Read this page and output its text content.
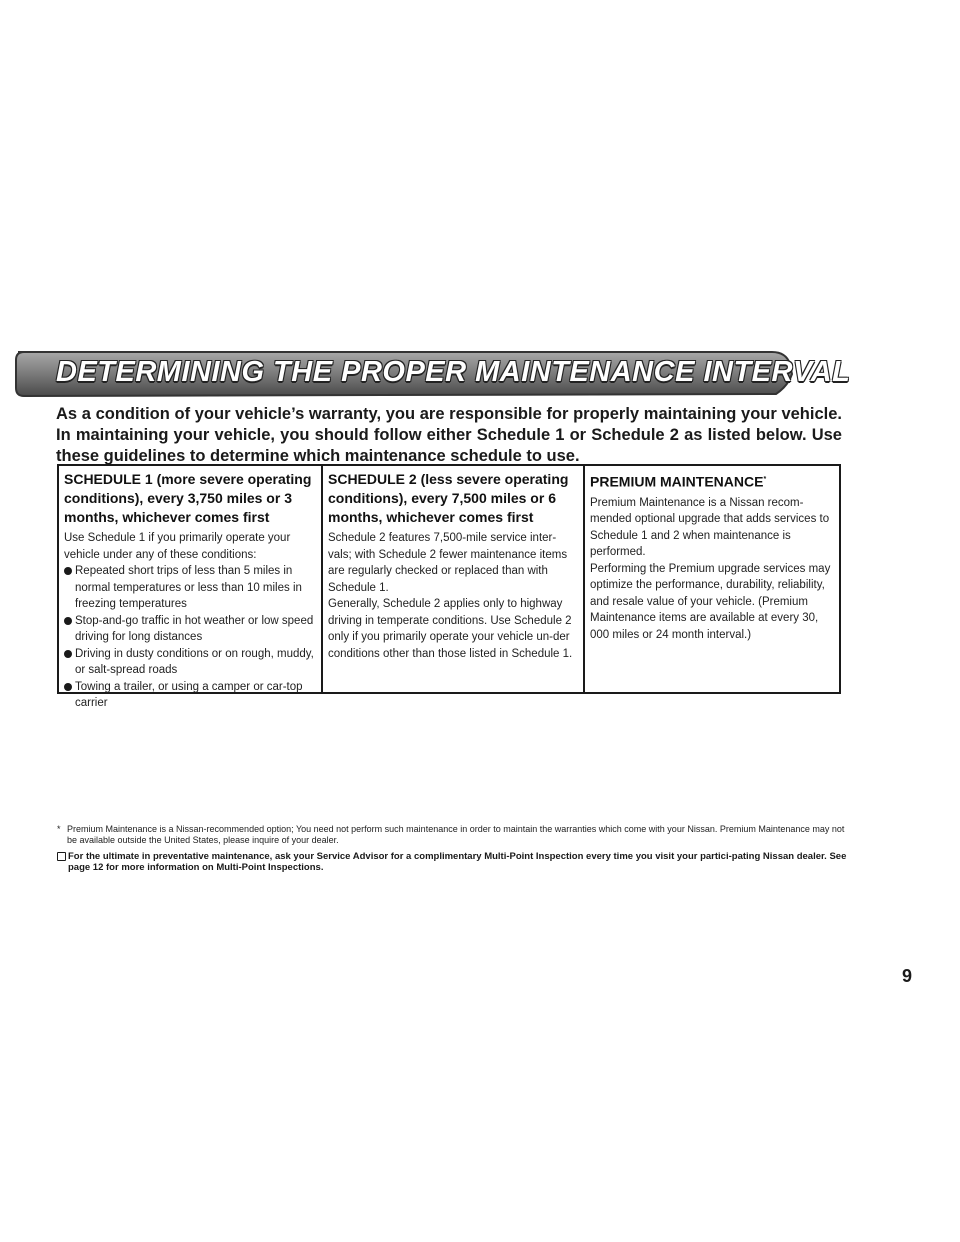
DETERMINING THE PROPER MAINTENANCE INTERVAL
As a condition of your vehicle’s warranty, you are responsible for properly maintaining your vehicle. In maintaining your vehicle, you should follow either Schedule 1 or Schedule 2 as listed below. Use these guidelines to determine which maintenance schedule to use.
SCHEDULE 1 (more severe operating conditions), every 3,750 miles or 3 months, whichever comes first

Use Schedule 1 if you primarily operate your vehicle under any of these conditions:

Repeated short trips of less than 5 miles in normal temperatures or less than 10 miles in freezing temperatures
Stop-and-go traffic in hot weather or low speed driving for long distances
Driving in dusty conditions or on rough, muddy, or salt-spread roads
Towing a trailer, or using a camper or car-top carrier
SCHEDULE 2 (less severe operating conditions), every 7,500 miles or 6 months, whichever comes first

Schedule 2 features 7,500-mile service inter-vals; with Schedule 2 fewer maintenance items are regularly checked or replaced than with Schedule 1.

Generally, Schedule 2 applies only to highway driving in temperate conditions. Use Schedule 2 only if you primarily operate your vehicle un-der conditions other than those listed in Schedule 1.

PREMIUM MAINTENANCE*

Premium Maintenance is a Nissan recom-mended optional upgrade that adds services to Schedule 1 and 2 when maintenance is performed.

Performing the Premium upgrade services may optimize the performance, durability, reliability, and resale value of your vehicle. (Premium Maintenance items are available at every 30, 000 miles or 24 month interval.)

* Premium Maintenance is a Nissan-recommended option; You need not perform such maintenance in order to maintain the warranties which come with your Nissan. Premium Maintenance may not be available outside the United States, please inquire of your dealer.
For the ultimate in preventative maintenance, ask your Service Advisor for a complimentary Multi-Point Inspection every time you visit your partici-pating Nissan dealer. See page 12 for more information on Multi-Point Inspections.
9
